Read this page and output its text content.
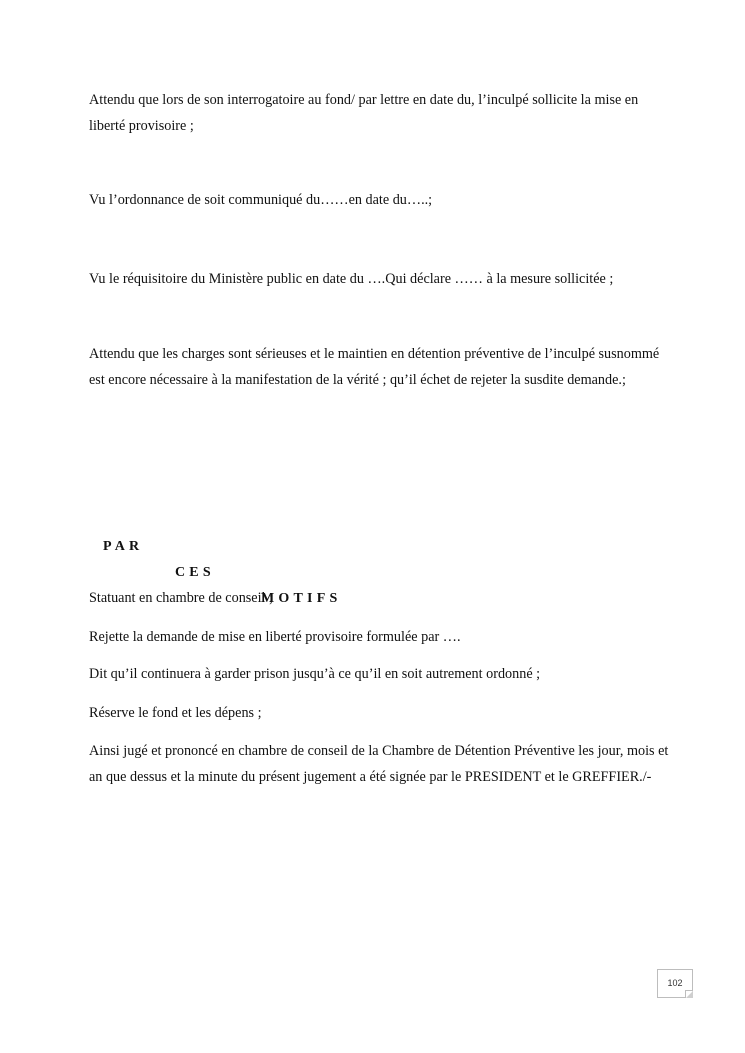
Attendu que lors de son interrogatoire au fond/ par lettre en date du, l’inculpé sollicite la mise en liberté provisoire ;

Vu l’ordonnance de soit communiqué du……en date du…..;

Vu le réquisitoire du Ministère public en date du ….Qui déclare …… à la mesure sollicitée ;

Attendu que les charges sont sérieuses et le maintien en détention préventive de l’inculpé susnommé est encore nécessaire à la manifestation de la vérité ; qu’il échet de rejeter la susdite demande.;

PAR

CES

MOTIFS

Statuant en chambre de conseil ;

Rejette la demande de mise en liberté provisoire formulée par ….

Dit qu’il continuera à garder prison jusqu’à ce qu’il en soit autrement ordonné ;

Réserve le fond et les dépens ;

Ainsi jugé et prononcé en chambre de conseil de la Chambre de Détention Préventive les jour, mois et an que dessus et la minute du présent jugement a été signée par le PRESIDENT et le GREFFIER./-

102
